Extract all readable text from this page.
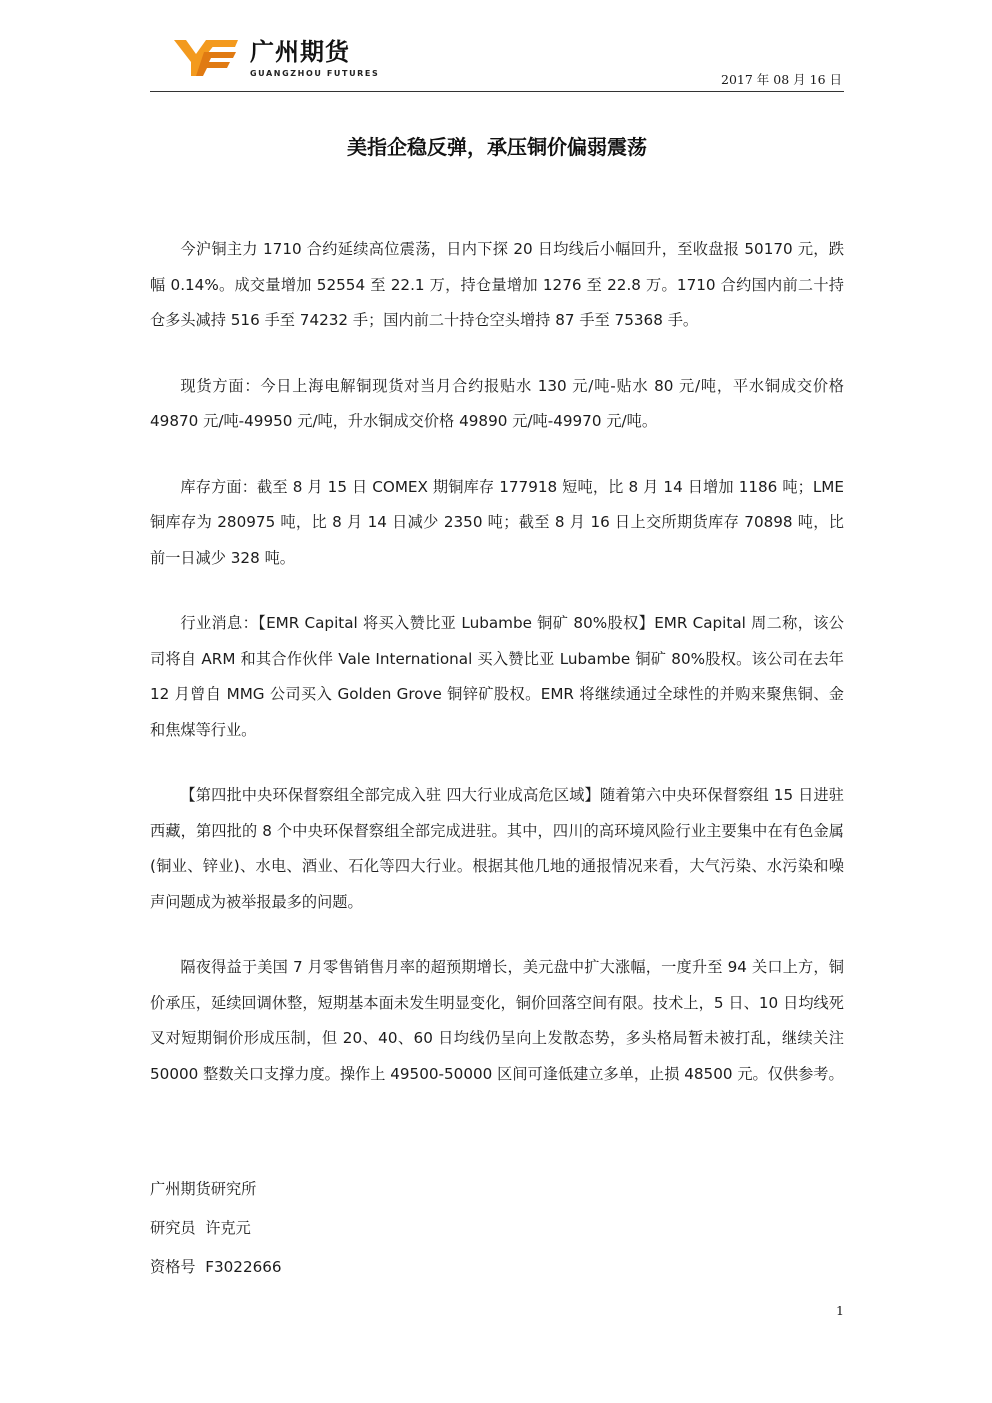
广州期货
GUANGZHOU FUTURES	2017 年 08 月 16 日
美指企稳反弹，承压铜价偏弱震荡

今沪铜主力 1710 合约延续高位震荡，日内下探 20 日均线后小幅回升，至收盘报 50170 元，跌幅 0.14%。成交量增加 52554 至 22.1 万，持仓量增加 1276 至 22.8 万。1710 合约国内前二十持仓多头减持 516 手至 74232 手；国内前二十持仓空头增持 87 手至 75368 手。

现货方面：今日上海电解铜现货对当月合约报贴水 130 元/吨-贴水 80 元/吨，平水铜成交价格 49870 元/吨-49950 元/吨，升水铜成交价格 49890 元/吨-49970 元/吨。

库存方面：截至 8 月 15 日 COMEX 期铜库存 177918 短吨，比 8 月 14 日增加 1186 吨；LME 铜库存为 280975 吨，比 8 月 14 日减少 2350 吨；截至 8 月 16 日上交所期货库存 70898 吨，比前一日减少 328 吨。

行业消息：【EMR Capital 将买入赞比亚 Lubambe 铜矿 80%股权】EMR Capital 周二称，该公司将自 ARM 和其合作伙伴 Vale International 买入赞比亚 Lubambe 铜矿 80%股权。该公司在去年 12 月曾自 MMG 公司买入 Golden Grove 铜锌矿股权。EMR 将继续通过全球性的并购来聚焦铜、金和焦煤等行业。

【第四批中央环保督察组全部完成入驻 四大行业成高危区域】随着第六中央环保督察组 15 日进驻西藏，第四批的 8 个中央环保督察组全部完成进驻。其中，四川的高环境风险行业主要集中在有色金属(铜业、锌业)、水电、酒业、石化等四大行业。根据其他几地的通报情况来看，大气污染、水污染和噪声问题成为被举报最多的问题。

隔夜得益于美国 7 月零售销售月率的超预期增长，美元盘中扩大涨幅，一度升至 94 关口上方，铜价承压，延续回调休整，短期基本面未发生明显变化，铜价回落空间有限。技术上，5 日、10 日均线死叉对短期铜价形成压制，但 20、40、60 日均线仍呈向上发散态势，多头格局暂未被打乱，继续关注 50000 整数关口支撑力度。操作上 49500-50000 区间可逢低建立多单，止损 48500 元。仅供参考。

广州期货研究所
研究员  许克元
资格号  F3022666
1
